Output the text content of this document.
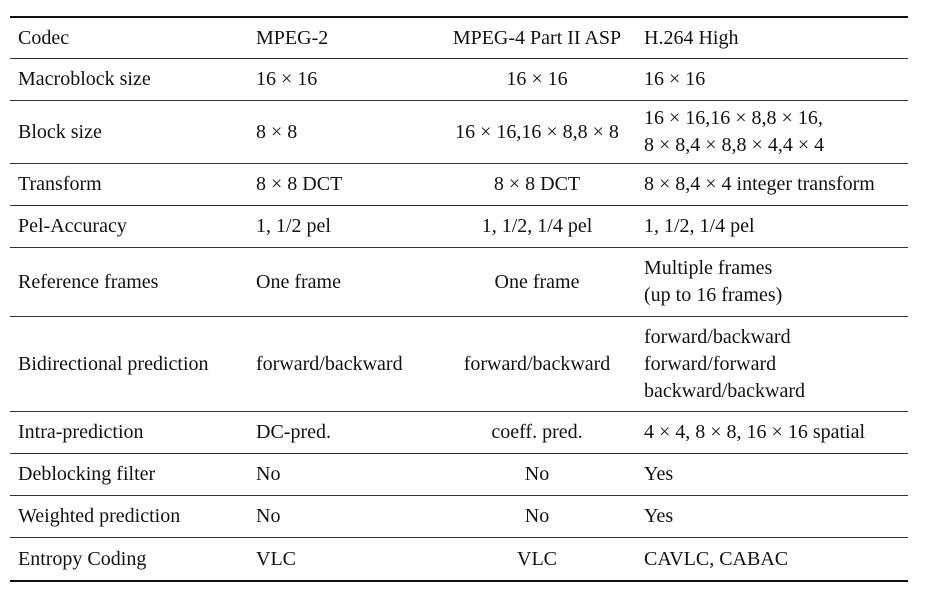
Codec	MPEG-2	MPEG-4 Part II ASP	H.264 High
Macroblock size	16 × 16	16 × 16	16 × 16

Block size	8 × 8	16 × 16,16 × 8,8 × 8	16 × 16,16 × 8,8 × 16,
8 × 8,4 × 8,8 × 4,4 × 4

Transform	8 × 8 DCT	8 × 8 DCT	8 × 8,4 × 4 integer transform

Pel-Accuracy	1, 1/2 pel	1, 1/2, 1/4 pel	1, 1/2, 1/4 pel

Reference frames	One frame	One frame	Multiple frames
(up to 16 frames)

Bidirectional prediction	forward/backward	forward/backward	forward/backward
forward/forward
backward/backward

Intra-prediction	DC-pred.	coeff. pred.	4 × 4, 8 × 8, 16 × 16 spatial

Deblocking filter	No	No	Yes

Weighted prediction	No	No	Yes

Entropy Coding	VLC	VLC	CAVLC, CABAC
